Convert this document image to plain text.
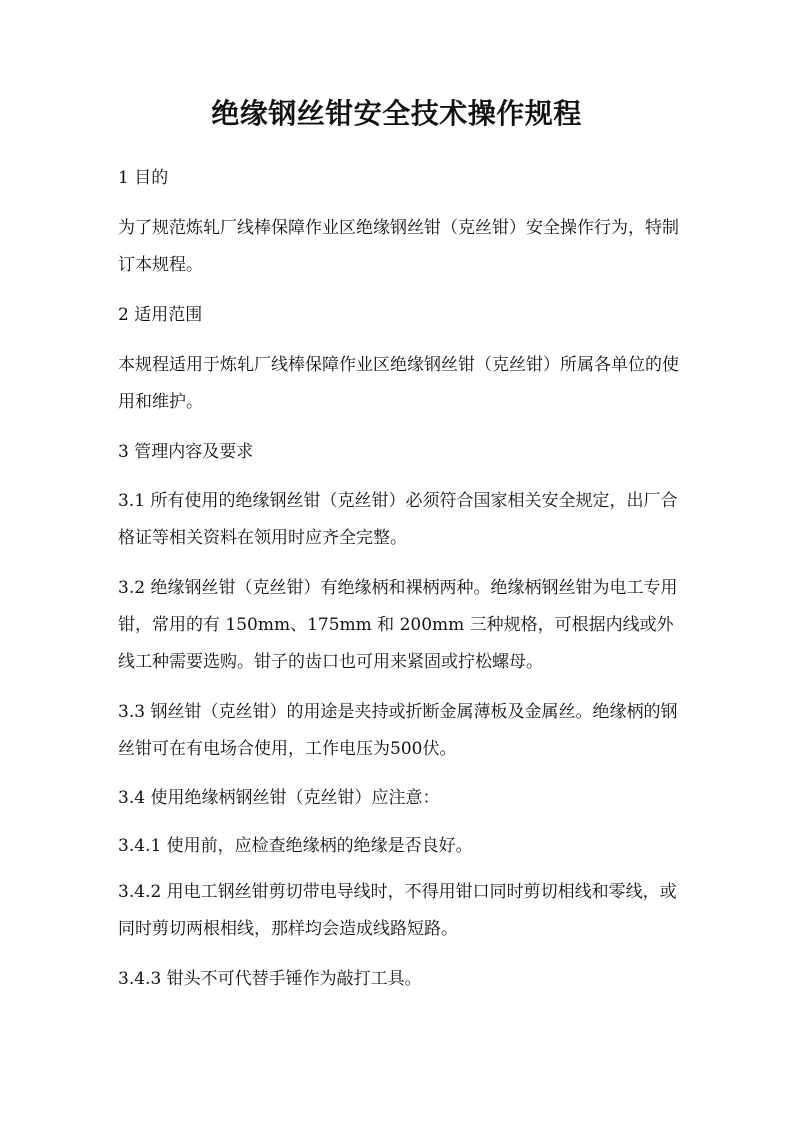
绝缘钢丝钳安全技术操作规程
1 目的
为了规范炼轧厂线棒保障作业区绝缘钢丝钳（克丝钳）安全操作行为，特制订本规程。
2 适用范围
本规程适用于炼轧厂线棒保障作业区绝缘钢丝钳（克丝钳）所属各单位的使用和维护。
3 管理内容及要求
3.1 所有使用的绝缘钢丝钳（克丝钳）必须符合国家相关安全规定，出厂合格证等相关资料在领用时应齐全完整。
3.2 绝缘钢丝钳（克丝钳）有绝缘柄和裸柄两种。绝缘柄钢丝钳为电工专用钳，常用的有 150mm、175mm 和 200mm 三种规格，可根据内线或外线工种需要选购。钳子的齿口也可用来紧固或拧松螺母。
3.3 钢丝钳（克丝钳）的用途是夹持或折断金属薄板及金属丝。绝缘柄的钢丝钳可在有电场合使用，工作电压为500伏。
3.4 使用绝缘柄钢丝钳（克丝钳）应注意：
3.4.1 使用前，应检查绝缘柄的绝缘是否良好。
3.4.2 用电工钢丝钳剪切带电导线时，不得用钳口同时剪切相线和零线，或同时剪切两根相线，那样均会造成线路短路。
3.4.3 钳头不可代替手锤作为敲打工具。
